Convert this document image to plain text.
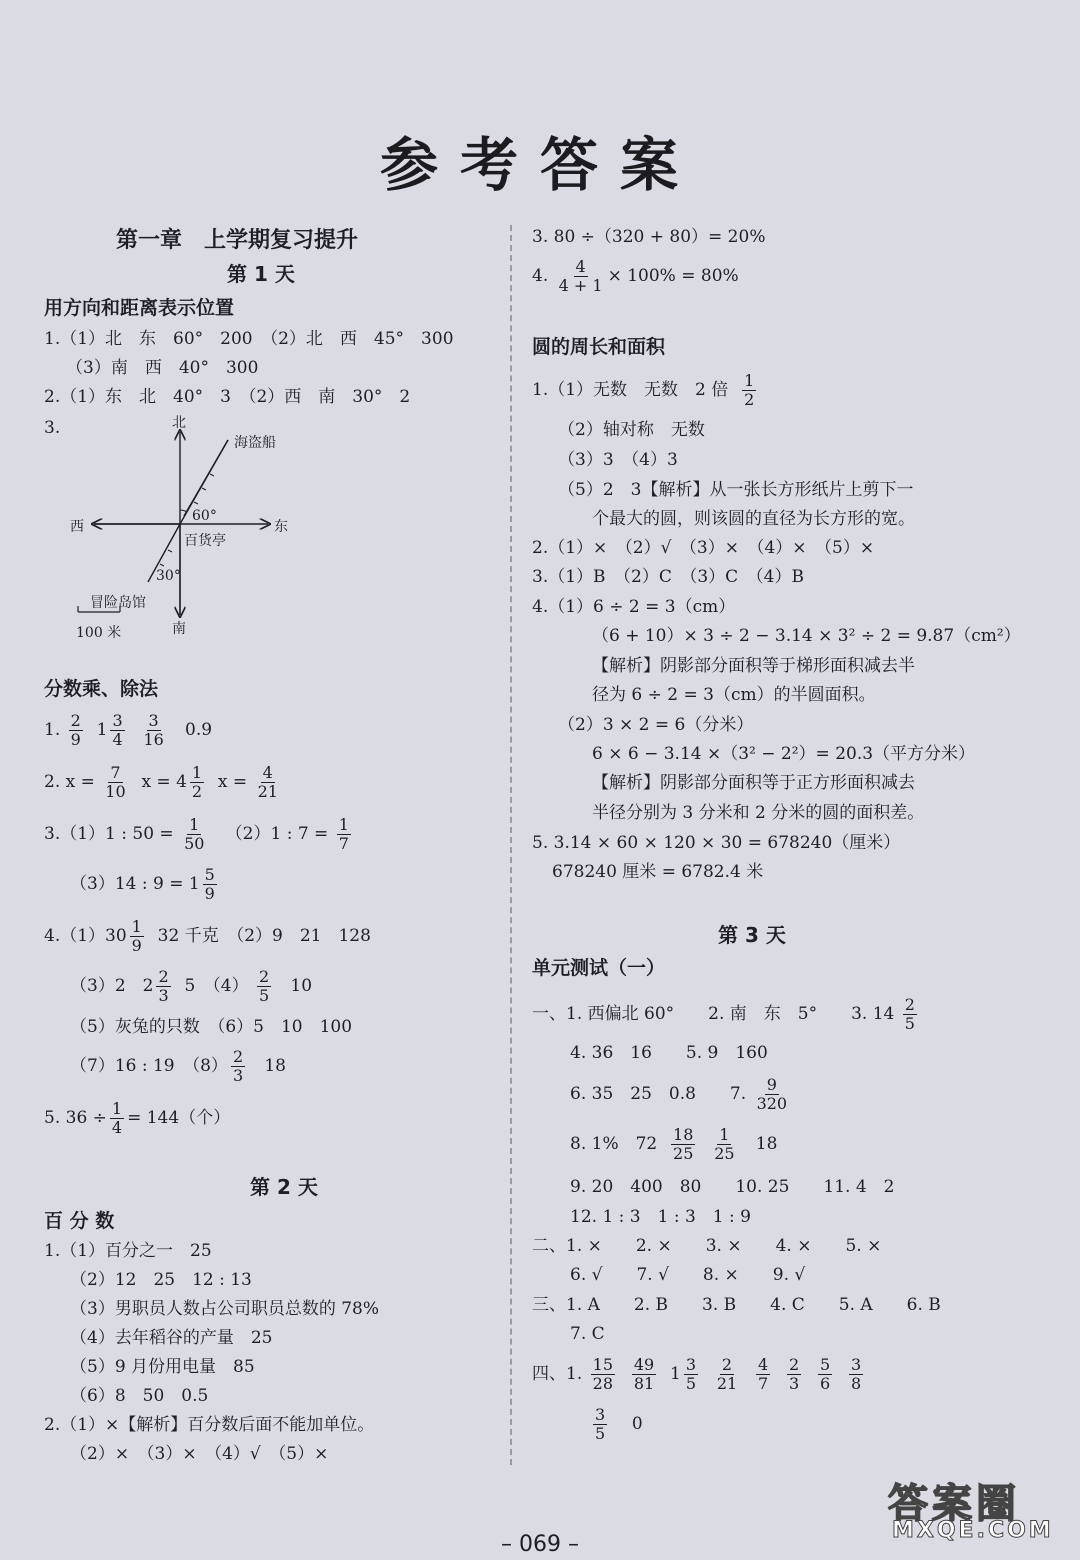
参考答案
第一章　上学期复习提升
第 1 天
用方向和距离表示位置
1.（1）北　东　60°　200　（2）北　西　45°　300
（3）南　西　40°　300
2.（1）东　北　40°　3　（2）西　南　30°　2
3.
分数乘、除法
1. $\frac{2}{9} 1 \frac{3}{4}$
$\frac{3}{16} 0.9$
2. $x = \frac{7}{10}$ $x = 4 \frac{1}{2}$ $x = \frac{4}{21}$
3.（1）1 : $50 = \frac{1}{50} (2)1$ : $7 = \frac{1}{7}$
（3）14 : $9 = 1 \frac{5}{9}$
$4.(1)30 \frac{1}{9} 32$ 千克　（2）9　21　128
（3）2　$2 \frac{2}{3} 5$　$(4) \frac{2}{5} 10$
（5）灰兔的只数　（6）5　10　100
（7）16 : 19　$(8) \frac{2}{3} 18$
5. $36 \div \frac{1}{4} = 144$（个）
第 2 天
百 分 数
1.（1）百分之一　25
（2）12　25　12 : 13
（3）男职员人数占公司职员总数的 78%
（4）去年稻谷的产量　25
（5）9 月份用电量　85
（6）8　50　0.5
2.（1）×【解析】百分数后面不能加单位。
（2）×　（3）×　（4）√　（5）×
北
南
西	东
海盗船
60°
百货亭
30°
冒险岛馆
100 米
3. 80 ÷（320 + 80）= 20%
4. $\frac{4}{4 + 1} \times 100\% = 80\%$
圆的周长和面积
1.（1）无数　无数　2 倍 $\frac{1}{2}$
（2）轴对称　无数
（3）3　（4）3
（5）2　3【解析】从一张长方形纸片上剪下一
个最大的圆，则该圆的直径为长方形的宽。
2.（1）×　（2）√　（3）×　（4）×　（5）×
3.（1）B　（2）C　（3）C　（4）B
4.（1）6 ÷ 2 = 3（cm）
（6 + 10）× 3 ÷ 2 − 3.14 × 3² ÷ 2 = 9.87（cm²）
【解析】阴影部分面积等于梯形面积减去半
径为 6 ÷ 2 = 3（cm）的半圆面积。
（2）3 × 2 = 6（分米）
6 × 6 − 3.14 ×（3² − 2²）= 20.3（平方分米）
【解析】阴影部分面积等于正方形面积减去
半径分别为 3 分米和 2 分米的圆的面积差。
5. 3.14 × 60 × 120 × 30 = 678240（厘米）
678240 厘米 = 6782.4 米
第 3 天
单元测试（一）
一、1. 西偏北 60°　　2. 南　东　5°　　3. $14 \frac{2}{5}$
4. 36　16　　5. 9　160
6. 35　25　0.8　　7. $\frac{9}{320}$
8. 1%　$72 \frac{18}{25}$
$\frac{1}{25} 18$
9. 20　400　80　　10. 25　　11. 4　2
12. 1 : 3　1 : 3　1 : 9
二、1. ×　　2. ×　　3. ×　　4. ×　　5. ×
6. √　　7. √　　8. ×　　9. √
三、1. A　　2. B　　3. B　　4. C　　5. A　　6. B
7. C
四、1. $\frac{15}{28}$
$\frac{49}{81} 1 \frac{3}{5}$
$\frac{2}{21}$
$\frac{4}{7}$
$\frac{2}{3}$
$\frac{5}{6}$
$\frac{3}{8}$
$\frac{3}{5} 0$
– 069 –
答案圈
MXQE.COM
